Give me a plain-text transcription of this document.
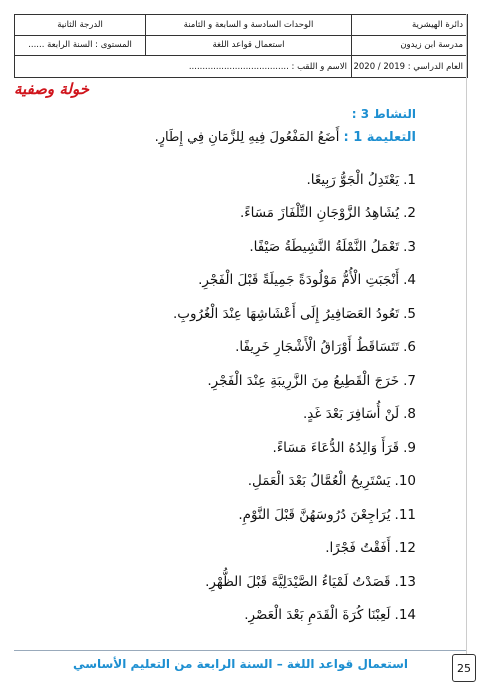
دائرة الهيشرية
الوحدات السادسة و السابعة و الثامنة
الدرجة الثانية
مدرسة ابن زيدون
استعمال قواعد اللغة
المستوى : السنة الرابعة ......
العام الدراسي : 2019 / 2020
الاسم و اللقب : .....................................
خولة وصفية
النشاط 3 :
التعليمة 1 : أَضَعُ المَفْعُولَ فِيهِ لِلزَّمَانِ فِي إِطَارٍ.
1.
يَعْتَدِلُ الْجَوُّ رَبِيعًا.
2.
يُشَاهِدُ الزَّوْجَانِ التِّلْفَازَ مَسَاءً.
3.
تَعْمَلُ النَّمْلَةُ النَّشِيطَةُ صَيْفًا.
4.
أَنْجَبَتِ الْأُمُّ مَوْلُودَةً جَمِيلَةً قَبْلَ الْفَجْرِ.
5.
تَعُودُ العَصَافِيرُ إِلَى أَعْشَاشِهَا عِنْدَ الْغُرُوبِ.
6.
تَتَسَاقَطُ أَوْرَاقُ الْأَشْجَارِ خَرِيفًا.
7.
خَرَجَ الْقَطِيعُ مِنَ الزَّرِيبَةِ عِنْدَ الْفَجْرِ.
8.
لَنْ أُسَافِرَ بَعْدَ غَدٍ.
9.
قَرَأَ وَالِدُهُ الدُّعَاءَ مَسَاءً.
10.
يَسْتَرِيحُ الْعُمَّالُ بَعْدَ الْعَمَلِ.
11.
يُرَاجِعْنَ دُرُوسَهُنَّ قَبْلَ النَّوْمِ.
12.
أَفَقْتُ فَجْرًا.
13.
قَصَدْتُ لَمْيَاءُ الصَّيْدَلِيَّةَ قَبْلَ الظُّهْرِ.
14.
لَعِبْنَا كُرَةَ الْقَدَمِ بَعْدَ الْعَصْرِ.
استعمال قواعد اللغة – السنة الرابعة من التعليم الأساسي	25
